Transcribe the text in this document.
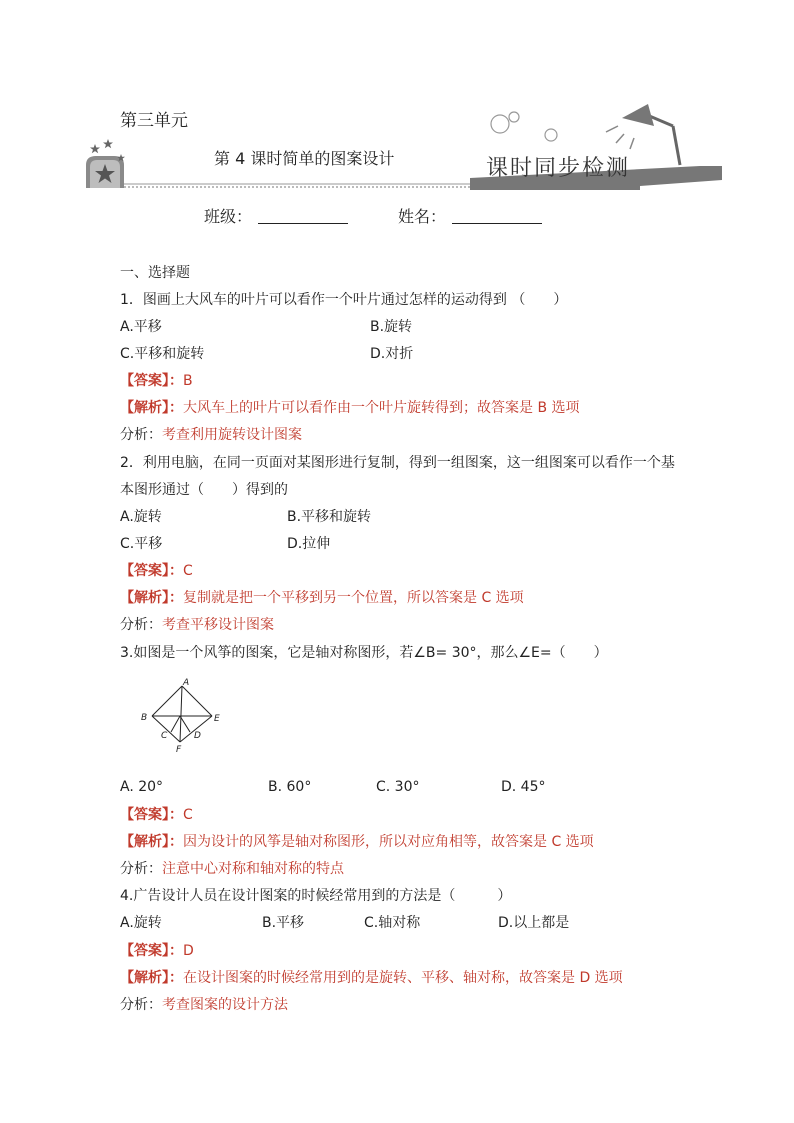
第三单元
第 4 课时简单的图案设计	课时同步检测
班级：	姓名：
一、选择题
1．图画上大风车的叶片可以看作一个叶片通过怎样的运动得到 （　　）
A.平移	B.旋转
C.平移和旋转	D.对折
【答案】：B
【解析】：大风车上的叶片可以看作由一个叶片旋转得到；故答案是 B 选项
分析：考查利用旋转设计图案
2．利用电脑，在同一页面对某图形进行复制，得到一组图案，这一组图案可以看作一个基
本图形通过（　　）得到的
A.旋转	B.平移和旋转
C.平移	D.拉伸
【答案】：C
【解析】：复制就是把一个平移到另一个位置，所以答案是 C 选项
分析：考查平移设计图案
3.如图是一个风筝的图案，它是轴对称图形，若∠B= 30°，那么∠E=（　　）
A
B	E
C	D
F
A. 20°	B. 60°	C. 30°	D. 45°
【答案】：C
【解析】：因为设计的风筝是轴对称图形，所以对应角相等，故答案是 C 选项
分析：注意中心对称和轴对称的特点
4.广告设计人员在设计图案的时候经常用到的方法是（　　　）
A.旋转	B.平移	C.轴对称	D.以上都是
【答案】：D
【解析】：在设计图案的时候经常用到的是旋转、平移、轴对称，故答案是 D 选项
分析：考查图案的设计方法
